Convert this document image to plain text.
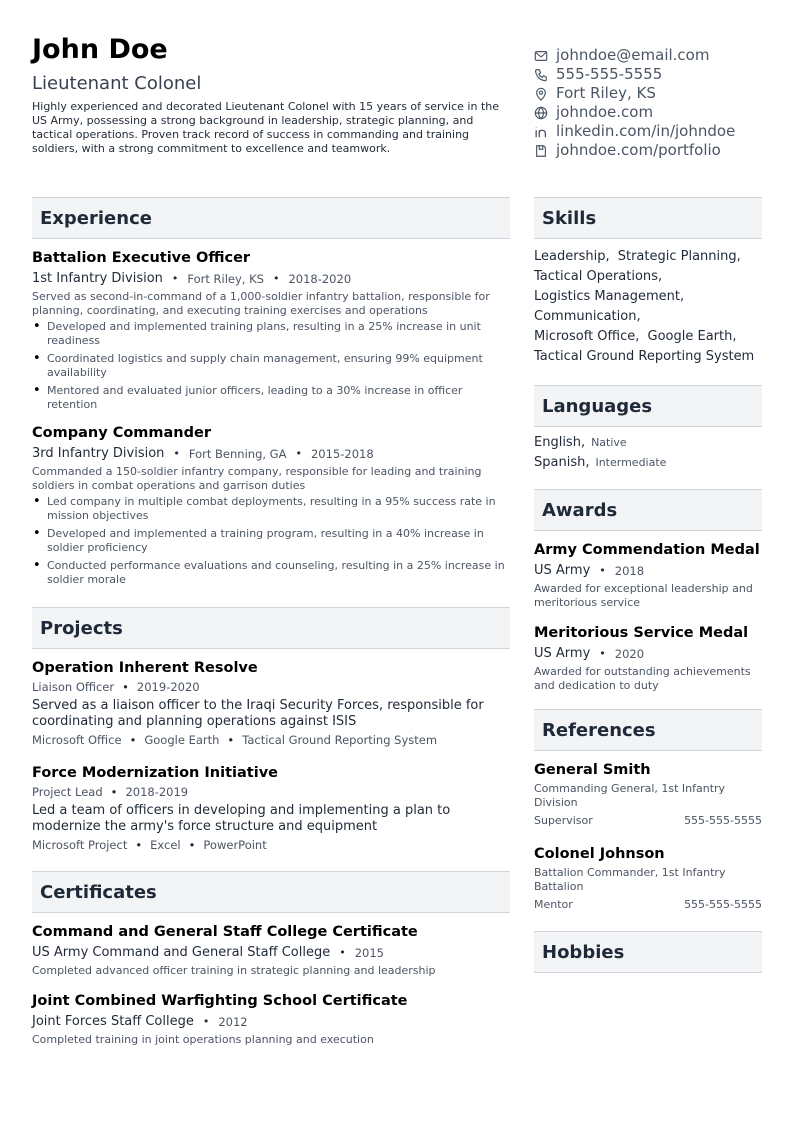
John Doe
Lieutenant Colonel
Highly experienced and decorated Lieutenant Colonel with 15 years of service in the US Army, possessing a strong background in leadership, strategic planning, and tactical operations. Proven track record of success in commanding and training soldiers, with a strong commitment to excellence and teamwork.
johndoe@email.com
555-555-5555
Fort Riley, KS
johndoe.com
linkedin.com/in/johndoe
johndoe.com/portfolio
Experience
Battalion Executive Officer
1st Infantry Division • Fort Riley, KS • 2018-2020
Served as second-in-command of a 1,000-soldier infantry battalion, responsible for planning, coordinating, and executing training exercises and operations
• Developed and implemented training plans, resulting in a 25% increase in unit readiness
• Coordinated logistics and supply chain management, ensuring 99% equipment availability
• Mentored and evaluated junior officers, leading to a 30% increase in officer retention
Company Commander
3rd Infantry Division • Fort Benning, GA • 2015-2018
Commanded a 150-soldier infantry company, responsible for leading and training soldiers in combat operations and garrison duties
• Led company in multiple combat deployments, resulting in a 95% success rate in mission objectives
• Developed and implemented a training program, resulting in a 40% increase in soldier proficiency
• Conducted performance evaluations and counseling, resulting in a 25% increase in soldier morale
Projects
Operation Inherent Resolve
Liaison Officer • 2019-2020
Served as a liaison officer to the Iraqi Security Forces, responsible for coordinating and planning operations against ISIS
Microsoft Office • Google Earth • Tactical Ground Reporting System
Force Modernization Initiative
Project Lead • 2018-2019
Led a team of officers in developing and implementing a plan to modernize the army's force structure and equipment
Microsoft Project • Excel • PowerPoint
Certificates
Command and General Staff College Certificate
US Army Command and General Staff College • 2015
Completed advanced officer training in strategic planning and leadership
Joint Combined Warfighting School Certificate
Joint Forces Staff College • 2012
Completed training in joint operations planning and execution
Skills
Leadership, Strategic Planning,
Tactical Operations,
Logistics Management,
Communication,
Microsoft Office, Google Earth,
Tactical Ground Reporting System
Languages
English, Native
Spanish, Intermediate
Awards
Army Commendation Medal
US Army • 2018
Awarded for exceptional leadership and meritorious service
Meritorious Service Medal
US Army • 2020
Awarded for outstanding achievements and dedication to duty
References
General Smith
Commanding General, 1st Infantry Division
Supervisor	555-555-5555
Colonel Johnson
Battalion Commander, 1st Infantry Battalion
Mentor	555-555-5555
Hobbies
